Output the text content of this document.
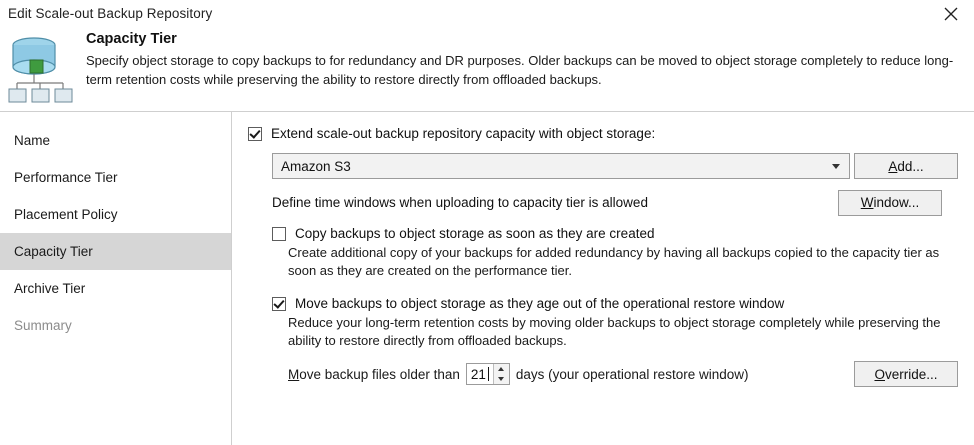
Edit Scale-out Backup Repository
Capacity Tier
Specify object storage to copy backups to for redundancy and DR purposes. Older backups can be moved to object storage completely to reduce long-term retention costs while preserving the ability to restore directly from offloaded backups.
Name
Performance Tier
Placement Policy
Capacity Tier
Archive Tier
Summary
Extend scale-out backup repository capacity with object storage:
Amazon S3	Add...
Define time windows when uploading to capacity tier is allowed	Window...
Copy backups to object storage as soon as they are created
Create additional copy of your backups for added redundancy by having all backups copied to the capacity tier as soon as they are created on the performance tier.
Move backups to object storage as they age out of the operational restore window
Reduce your long-term retention costs by moving older backups to object storage completely while preserving the ability to restore directly from offloaded backups.
Move backup files older than 21	days (your operational restore window)	Override...
